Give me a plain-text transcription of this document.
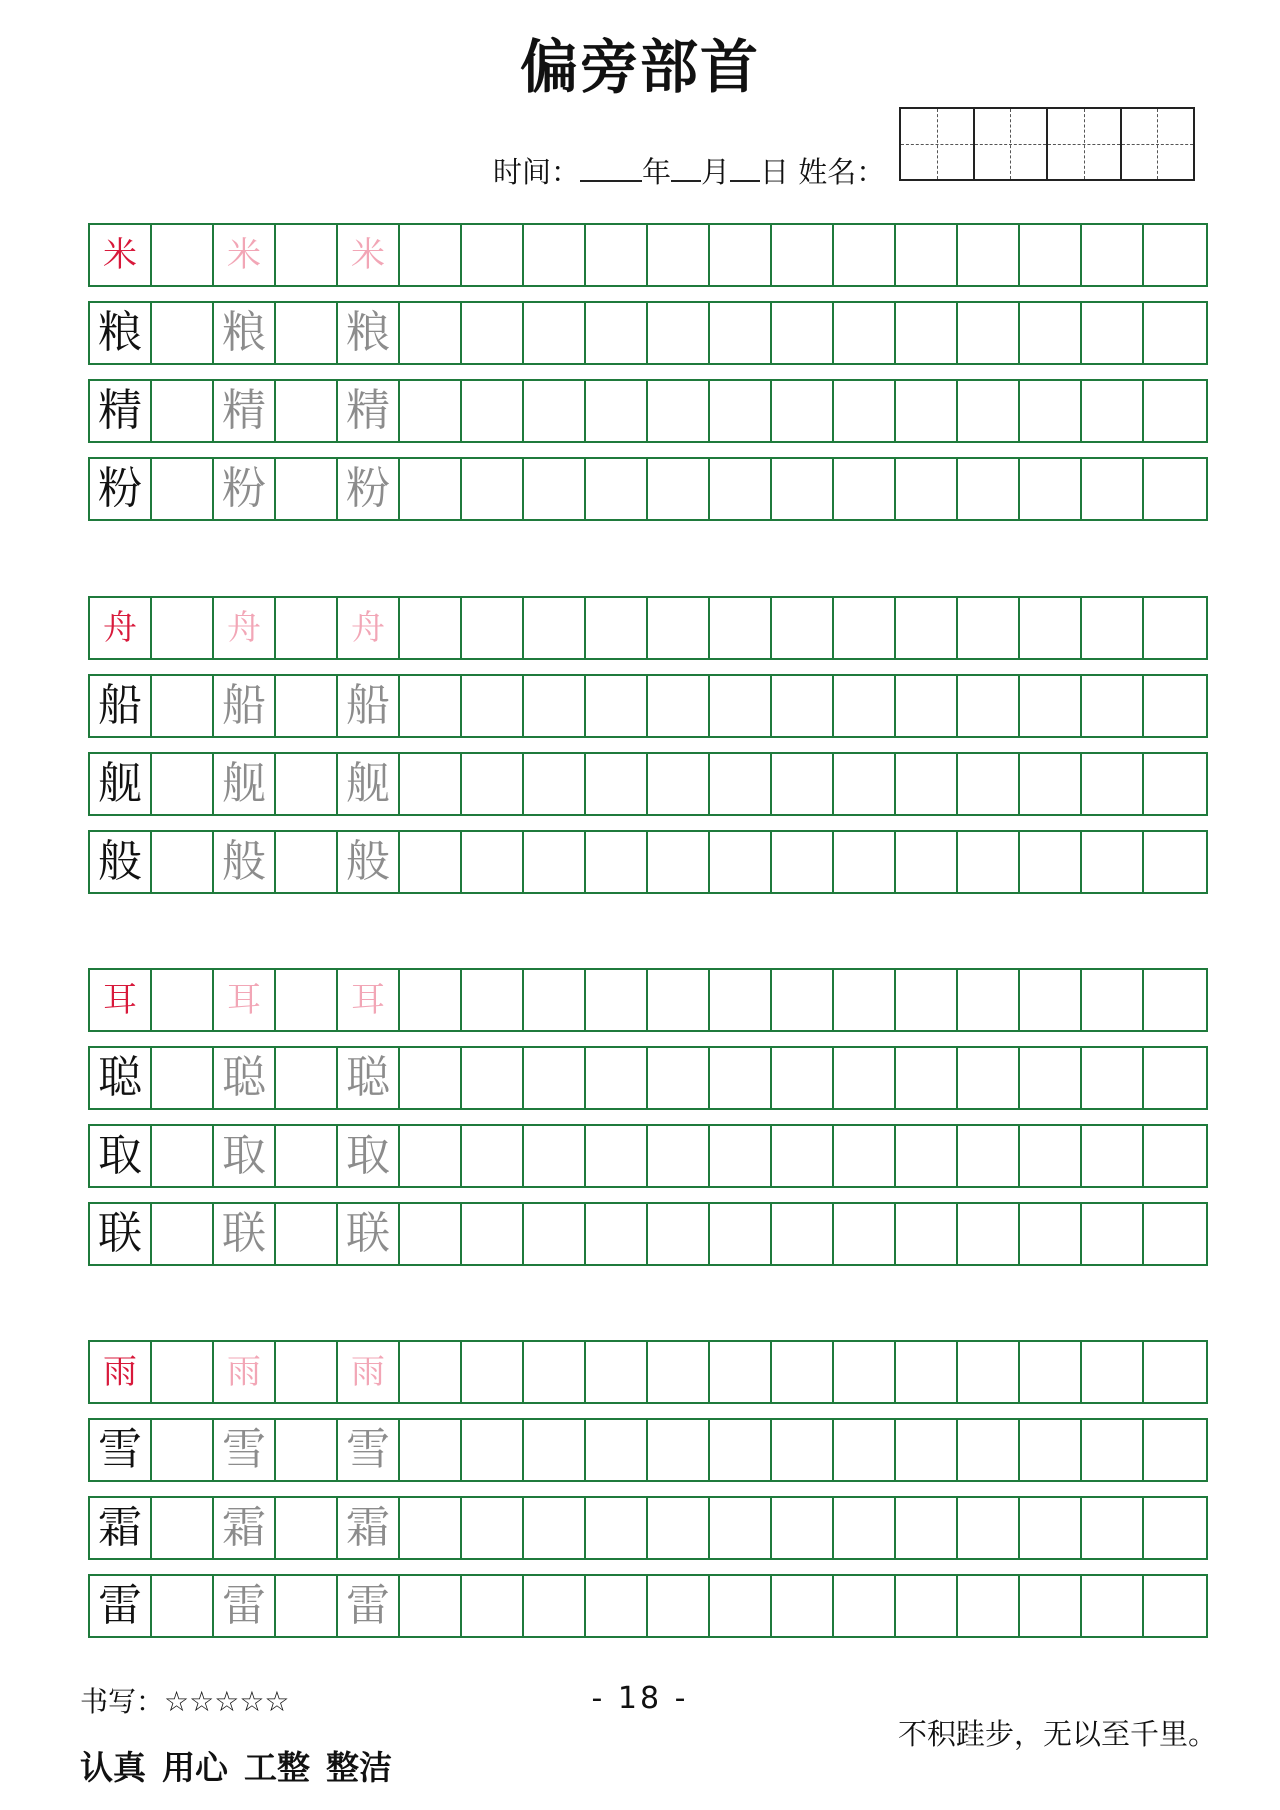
偏旁部首
时间： 年 月 日 姓名：
米	米	米
粮 粮 粮
精 精 精
粉 粉 粉
舟	舟	舟
船 船 船
舰 舰 舰
般 般 般
耳	耳	耳
聪 聪 聪
取 取 取
联 联 联
雨	雨	雨
雪 雪 雪
霜 霜 霜
雷 雷 雷
书写：☆☆☆☆☆	- 18 -
认真 用心 工整 整洁
不积跬步，无以至千里。
